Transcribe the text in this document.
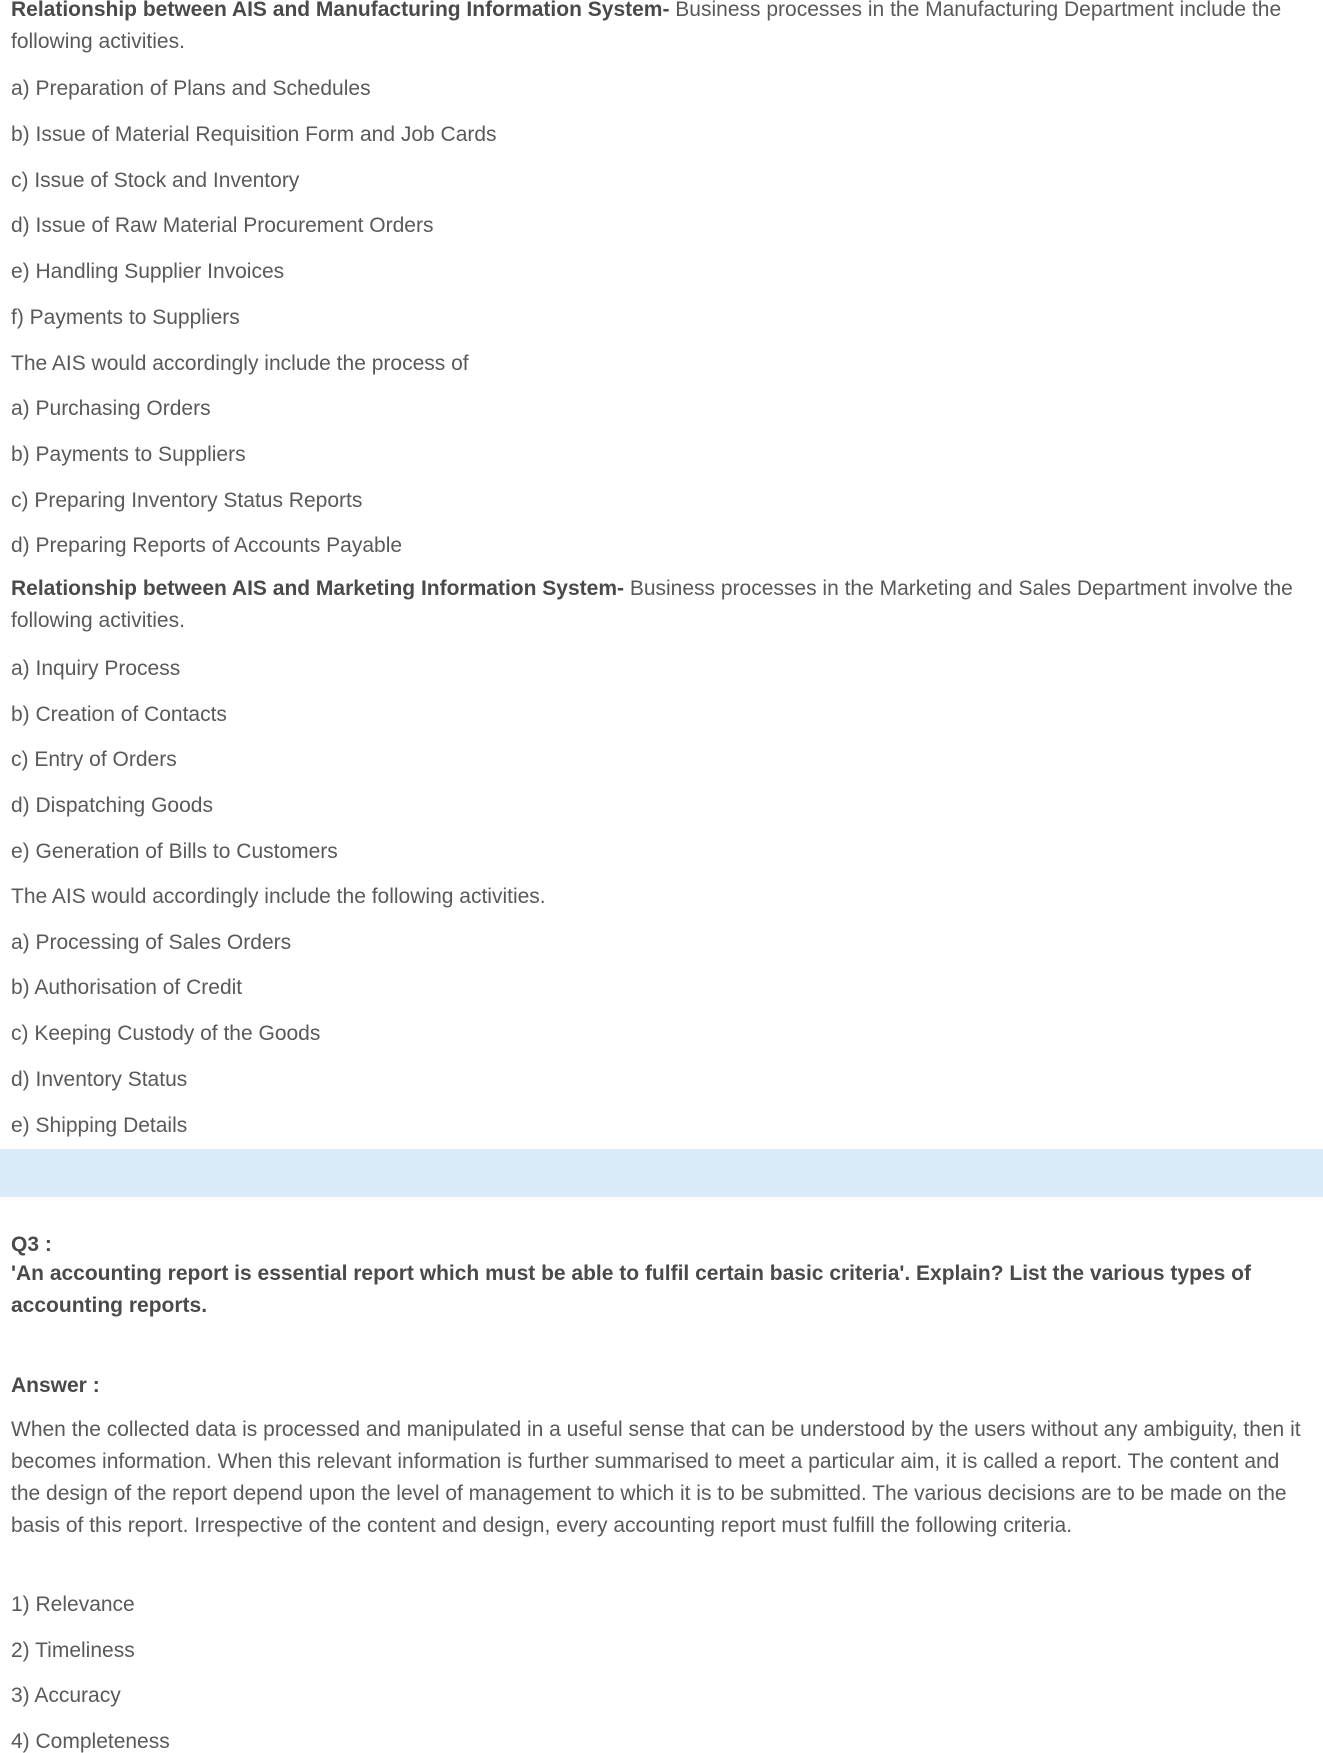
Relationship between AIS and Manufacturing Information System- Business processes in the Manufacturing Department include the following activities.
a) Preparation of Plans and Schedules
b) Issue of Material Requisition Form and Job Cards
c) Issue of Stock and Inventory
d) Issue of Raw Material Procurement Orders
e) Handling Supplier Invoices
f) Payments to Suppliers
The AIS would accordingly include the process of
a) Purchasing Orders
b) Payments to Suppliers
c) Preparing Inventory Status Reports
d) Preparing Reports of Accounts Payable
Relationship between AIS and Marketing Information System- Business processes in the Marketing and Sales Department involve the following activities.
a) Inquiry Process
b) Creation of Contacts
c) Entry of Orders
d) Dispatching Goods
e) Generation of Bills to Customers
The AIS would accordingly include the following activities.
a) Processing of Sales Orders
b) Authorisation of Credit
c) Keeping Custody of the Goods
d) Inventory Status
e) Shipping Details
Q3 :
'An accounting report is essential report which must be able to fulfil certain basic criteria'. Explain? List the various types of accounting reports.
Answer :
When the collected data is processed and manipulated in a useful sense that can be understood by the users without any ambiguity, then it becomes information. When this relevant information is further summarised to meet a particular aim, it is called a report. The content and the design of the report depend upon the level of management to which it is to be submitted. The various decisions are to be made on the basis of this report. Irrespective of the content and design, every accounting report must fulfill the following criteria.
1) Relevance
2) Timeliness
3) Accuracy
4) Completeness
